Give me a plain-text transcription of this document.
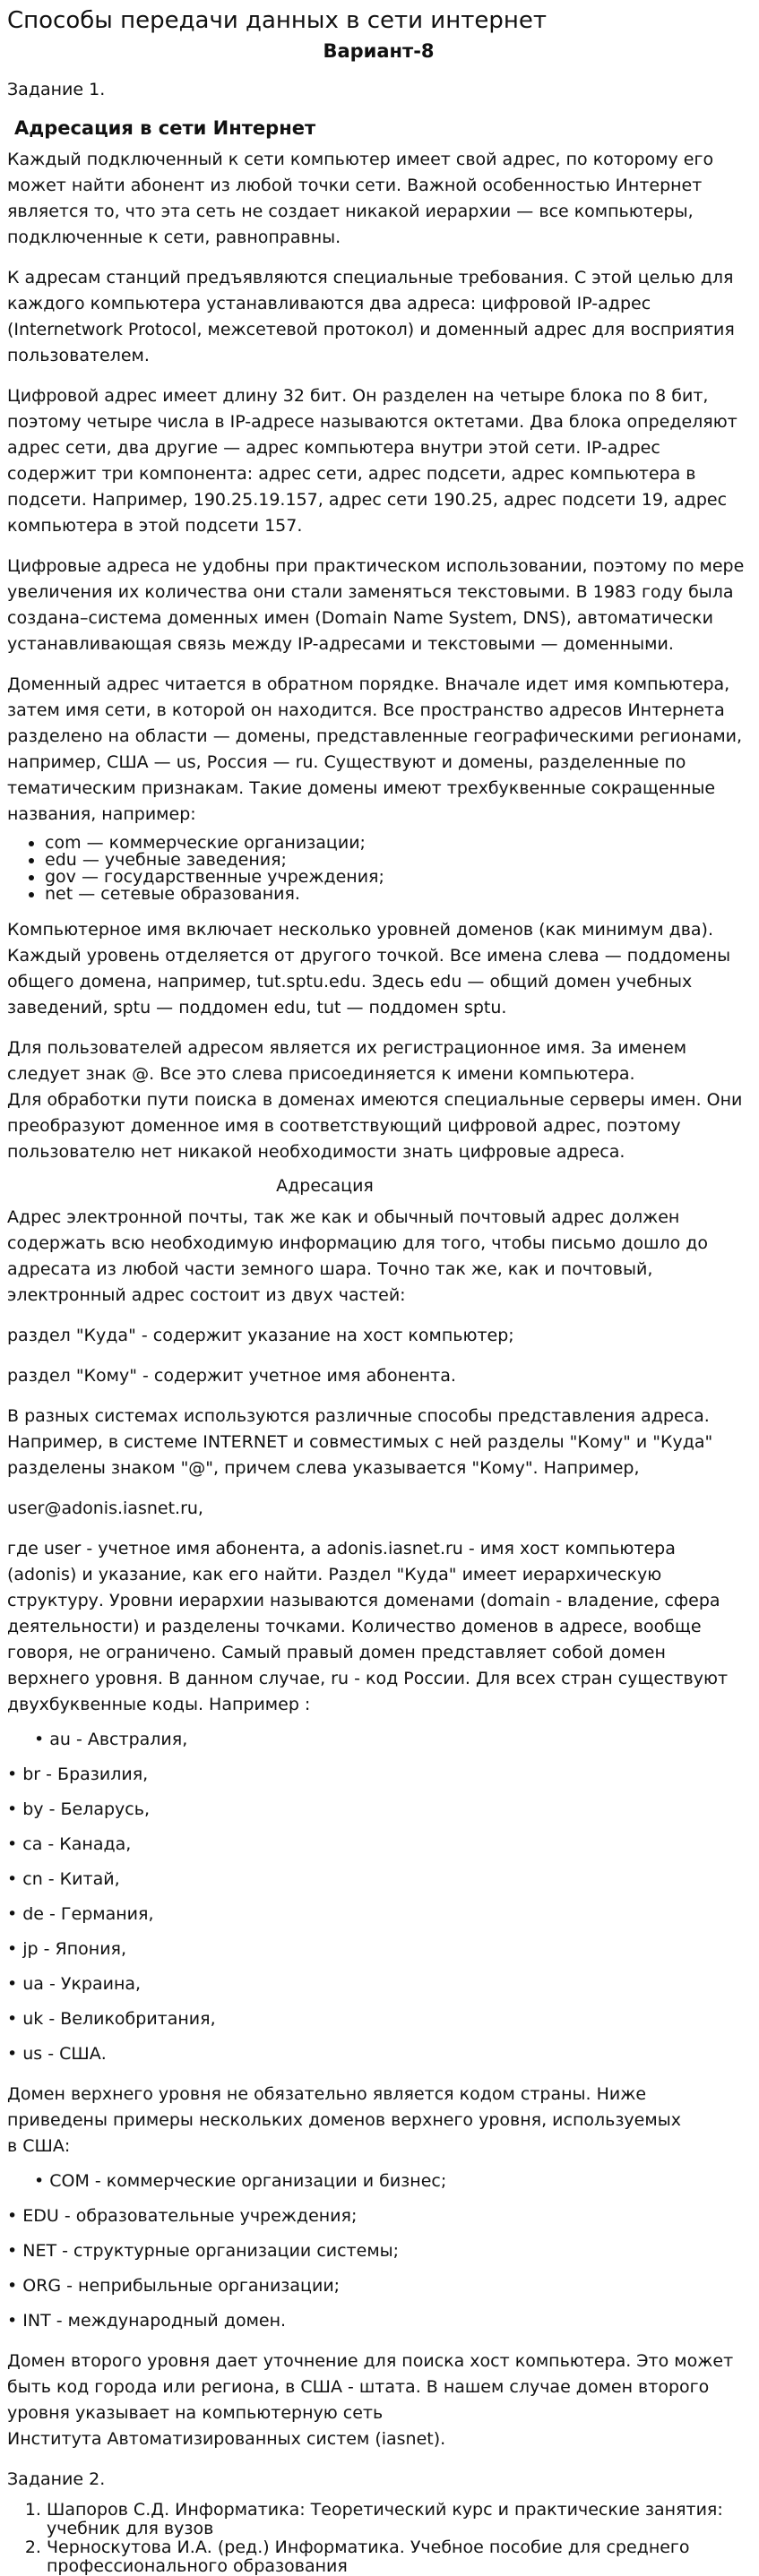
Способы передачи данных в сети интернет
Вариант-8
Задание 1.
Адресация в сети Интернет

Каждый подключенный к сети компьютер имеет свой адрес, по которому его может найти абонент из любой точки сети. Важной особенностью Интернет является то, что эта сеть не создает никакой иерархии — все компьютеры, подключенные к сети, равноправны.

К адресам станций предъявляются специальные требования. С этой целью для каждого компьютера устанавливаются два адреса: цифровой IP-адрес (Internetwork Protocol, межсетевой протокол) и доменный адрес для восприятия пользователем.

Цифровой адрес имеет длину 32 бит. Он разделен на четыре блока по 8 бит, поэтому четыре числа в IP-адресе называются октетами. Два блока определяют адрес сети, два другие — адрес компьютера внутри этой сети. IP-адрес содержит три компонента: адрес сети, адрес подсети, адрес компьютера в подсети. Например, 190.25.19.157, адрес сети 190.25, адрес подсети 19, адрес компьютера в этой подсети 157.

Цифровые адреса не удобны при практическом использовании, поэтому по мере увеличения их количества они стали заменяться текстовыми. В 1983 году была создана–система доменных имен (Domain Name System, DNS), автоматически устанавливающая связь между IP-адресами и текстовыми — доменными.

Доменный адрес читается в обратном порядке. Вначале идет имя компьютера, затем имя сети, в которой он находится. Все пространство адресов Интернета разделено на области — домены, представленные географическими регионами, например, США — us, Россия — ru. Существуют и домены, разделенные по тематическим признакам. Такие домены имеют трехбуквенные сокращенные названия, например:

• com — коммерческие организации;
• edu — учебные заведения;
• gov — государственные учреждения;
• net — сетевые образования.

Компьютерное имя включает несколько уровней доменов (как минимум два). Каждый уровень отделяется от другого точкой. Все имена слева — поддомены общего домена, например, tut.sptu.edu. Здесь edu — общий домен учебных заведений, sptu — поддомен edu, tut — поддомен sptu.

Для пользователей адресом является их регистрационное имя. За именем следует знак @. Все это слева присоединяется к имени компьютера.
Для обработки пути поиска в доменах имеются специальные серверы имен. Они преобразуют доменное имя в соответствующий цифровой адрес, поэтому пользователю нет никакой необходимости знать цифровые адреса.

Адресация

Адрес электронной почты, так же как и обычный почтовый адрес должен содержать всю необходимую информацию для того, чтобы письмо дошло до адресата из любой части земного шара. Точно так же, как и почтовый, электронный адрес состоит из двух частей:

раздел "Куда" - содержит указание на хост компьютер;

раздел "Кому" - содержит учетное имя абонента.

В разных системах используются различные способы представления адреса. Например, в системе INTERNET и совместимых с ней разделы "Кому" и "Куда" разделены знаком "@", причем слева указывается "Кому". Например,

user@adonis.iasnet.ru,

где user - учетное имя абонента, а adonis.iasnet.ru - имя хост компьютера (adonis) и указание, как его найти. Раздел "Куда" имеет иерархическую структуру. Уровни иерархии называются доменами (domain - владение, сфера деятельности) и разделены точками. Количество доменов в адресе, вообще говоря, не ограничено. Самый правый домен представляет собой домен верхнего уровня. В данном случае, ru - код России. Для всех стран существуют двухбуквенные коды. Например :

• au - Австралия,
• br - Бразилия,
• by - Беларусь,
• ca - Канада,
• cn - Китай,
• de - Германия,
• jp - Япония,
• ua - Украина,
• uk - Великобритания,
• us - США.

Домен верхнего уровня не обязательно является кодом страны. Ниже приведены примеры нескольких доменов верхнего уровня, используемых
в США:

• COM - коммерческие организации и бизнес;
• EDU - образовательные учреждения;
• NET - структурные организации системы;
• ORG - неприбыльные организации;
• INT - международный домен.

Домен второго уровня дает уточнение для поиска хост компьютера. Это может быть код города или региона, в США - штата. В нашем случае домен второго уровня указывает на компьютерную сеть
Института Автоматизированных систем (iasnet).

Задание 2.
1. Шапоров С.Д. Информатика: Теоретический курс и практические занятия: учебник для вузов
2. Черноскутова И.А. (ред.) Информатика. Учебное пособие для среднего профессионального образования
